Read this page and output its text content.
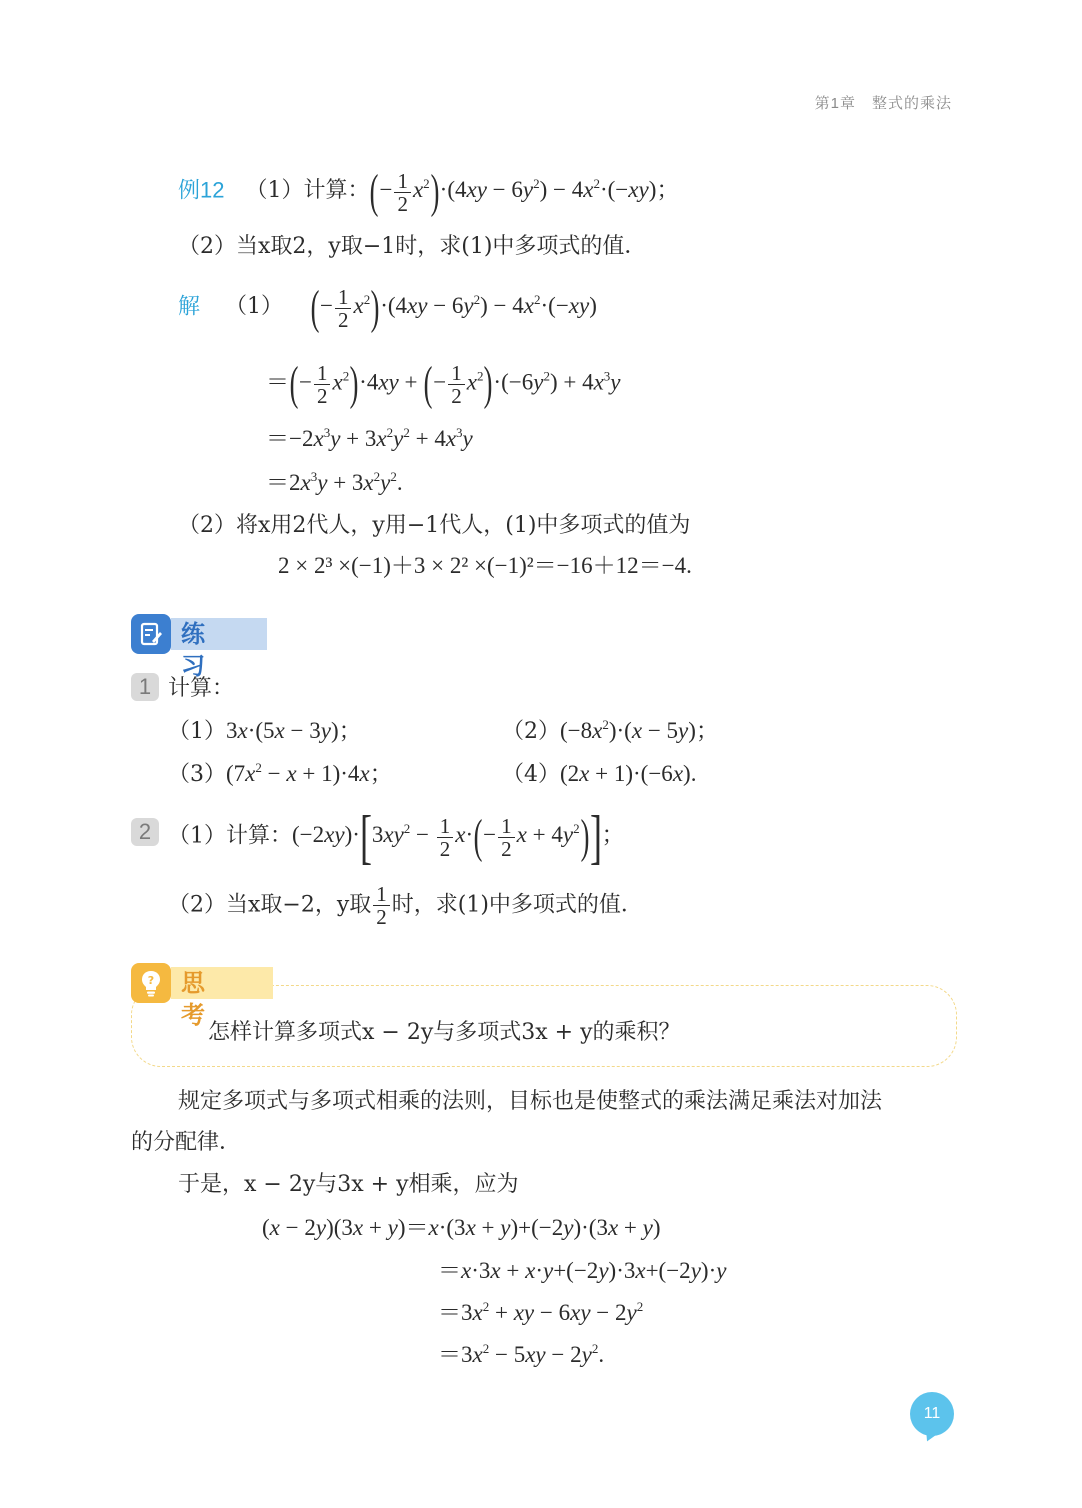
第1章　整式的乘法
例12 （1）计算：(− $\frac{1}{2} x^2)\cdot(4xy - 6y^2) - 4x^2\cdot(-xy)$；
（2）当x取2，y取−1时，求(1)中多项式的值．
解 （1） (− $\frac{1}{2} x^2)\cdot(4xy - 6y^2) - 4x^2\cdot(-xy)$
＝(− $\frac{1}{2} x^2)\cdot 4xy$ + (− $\frac{1}{2} x^2)\cdot(-6y^2) + 4x^3y$
$=-2x^3y + 3x^2y^2 + 4x^3y$
$=2x^3y + 3x^2y^2$.
（2）将x用2代人，y用−1代人，(1)中多项式的值为
2 × 2³ ×(−1)＋3 × 2² ×(−1)²＝−16＋12＝−4.
练 习
1 计算：
（1）3x·(5x − 3y)；	$(2)(-8x^2)\cdot(x - 5y)$；
$(3)(7x^2 - x + 1)\cdot 4x$；	（4）(2x + 1)·(−6x).
2 （1）计算：$(-2xy)\cdot[3xy^2 - \frac{1}{2} x\cdot(- \frac{1}{2}$ $x + 4y^2$)]；
（2）当x取−2，y取 $\frac{1}{2}$ 时，求(1)中多项式的值．
?	思 考
怎样计算多项式x − 2y与多项式3x + y的乘积？
规定多项式与多项式相乘的法则，目标也是使整式的乘法满足乘法对加法
的分配律．
于是，x − 2y与3x + y相乘，应为
(x − 2y)(3x + y)＝x·(3x + y)+(−2y)·(3x + y)
＝x·3x + x·y+(−2y)·3x+(−2y)·y
$=3x^2$ + xy − $6xy - 2y^2$
$=3x^2 - 5xy - 2y^2$.
11
